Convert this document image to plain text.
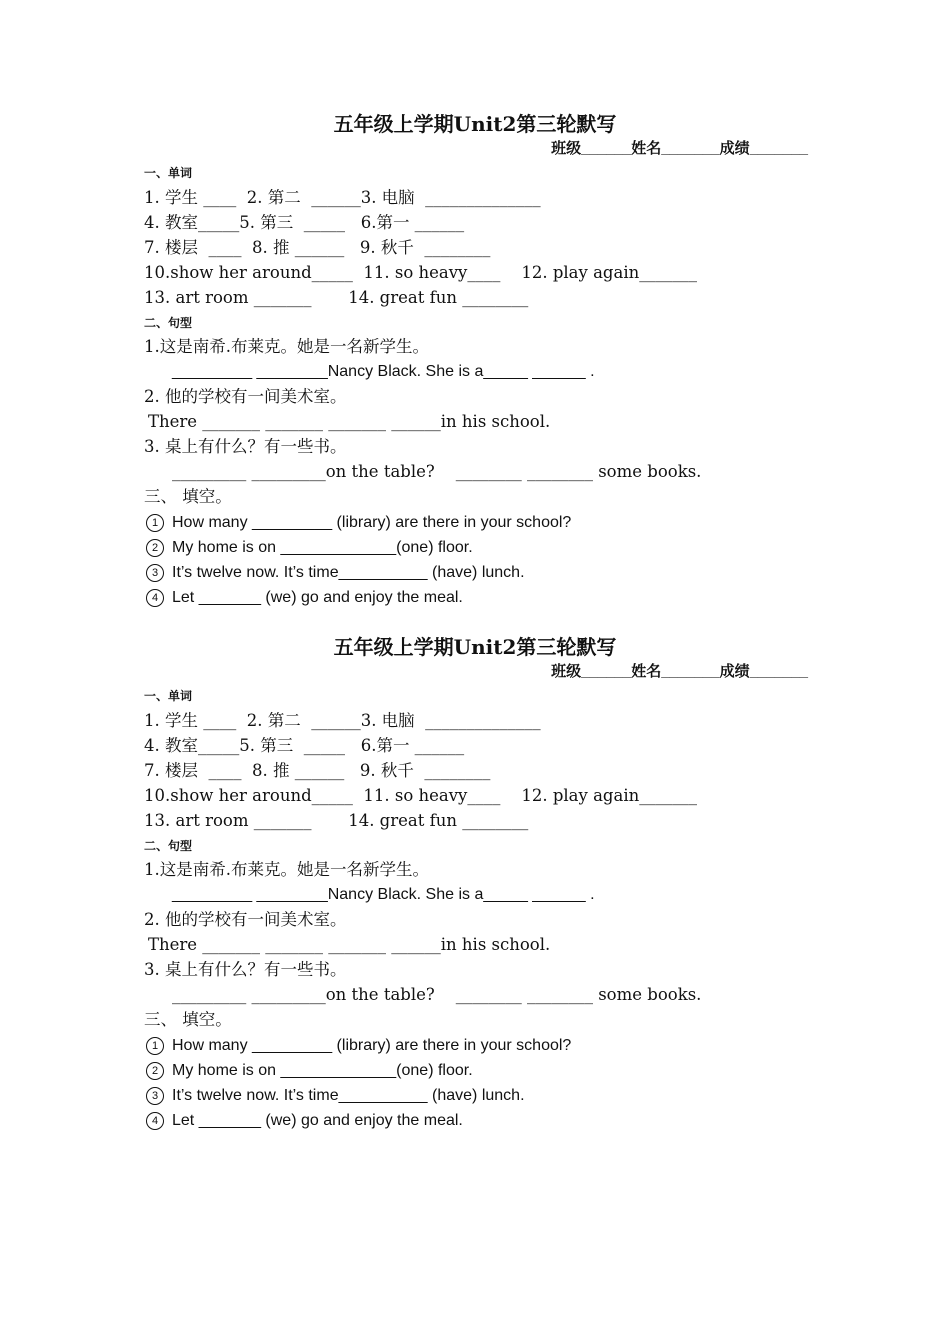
五年级上学期Unit2第三轮默写
班级______姓名_______成绩_______
一、单词
1. 学生 ____  2. 第二  ______3. 电脑  ______________
4. 教室_____5. 第三  _____   6.第一 ______
7. 楼层  ____  8. 推 ______   9. 秋千  ________
10.show her around_____  11. so heavy____    12. play again_______
13. art room _______       14. great fun ________
二、句型
1.这是南希.布莱克。她是一名新学生。
_________ ________Nancy Black. She is a_____ ______ .
2. 他的学校有一间美术室。
There _______ _______ _______ ______in his school.
3. 桌上有什么？有一些书。
_________ _________on the table?    ________ ________ some books.
三、 填空。
1 How many _________ (library) are there in your school?
2 My home is on _____________(one) floor.
3 It’s twelve now. It’s time__________ (have) lunch.
4 Let _______ (we) go and enjoy the meal.
五年级上学期Unit2第三轮默写
班级______姓名_______成绩_______
一、单词
1. 学生 ____  2. 第二  ______3. 电脑  ______________
4. 教室_____5. 第三  _____   6.第一 ______
7. 楼层  ____  8. 推 ______   9. 秋千  ________
10.show her around_____  11. so heavy____    12. play again_______
13. art room _______       14. great fun ________
二、句型
1.这是南希.布莱克。她是一名新学生。
_________ ________Nancy Black. She is a_____ ______ .
2. 他的学校有一间美术室。
There _______ _______ _______ ______in his school.
3. 桌上有什么？有一些书。
_________ _________on the table?    ________ ________ some books.
三、 填空。
1 How many _________ (library) are there in your school?
2 My home is on _____________(one) floor.
3 It’s twelve now. It’s time__________ (have) lunch.
4 Let _______ (we) go and enjoy the meal.
